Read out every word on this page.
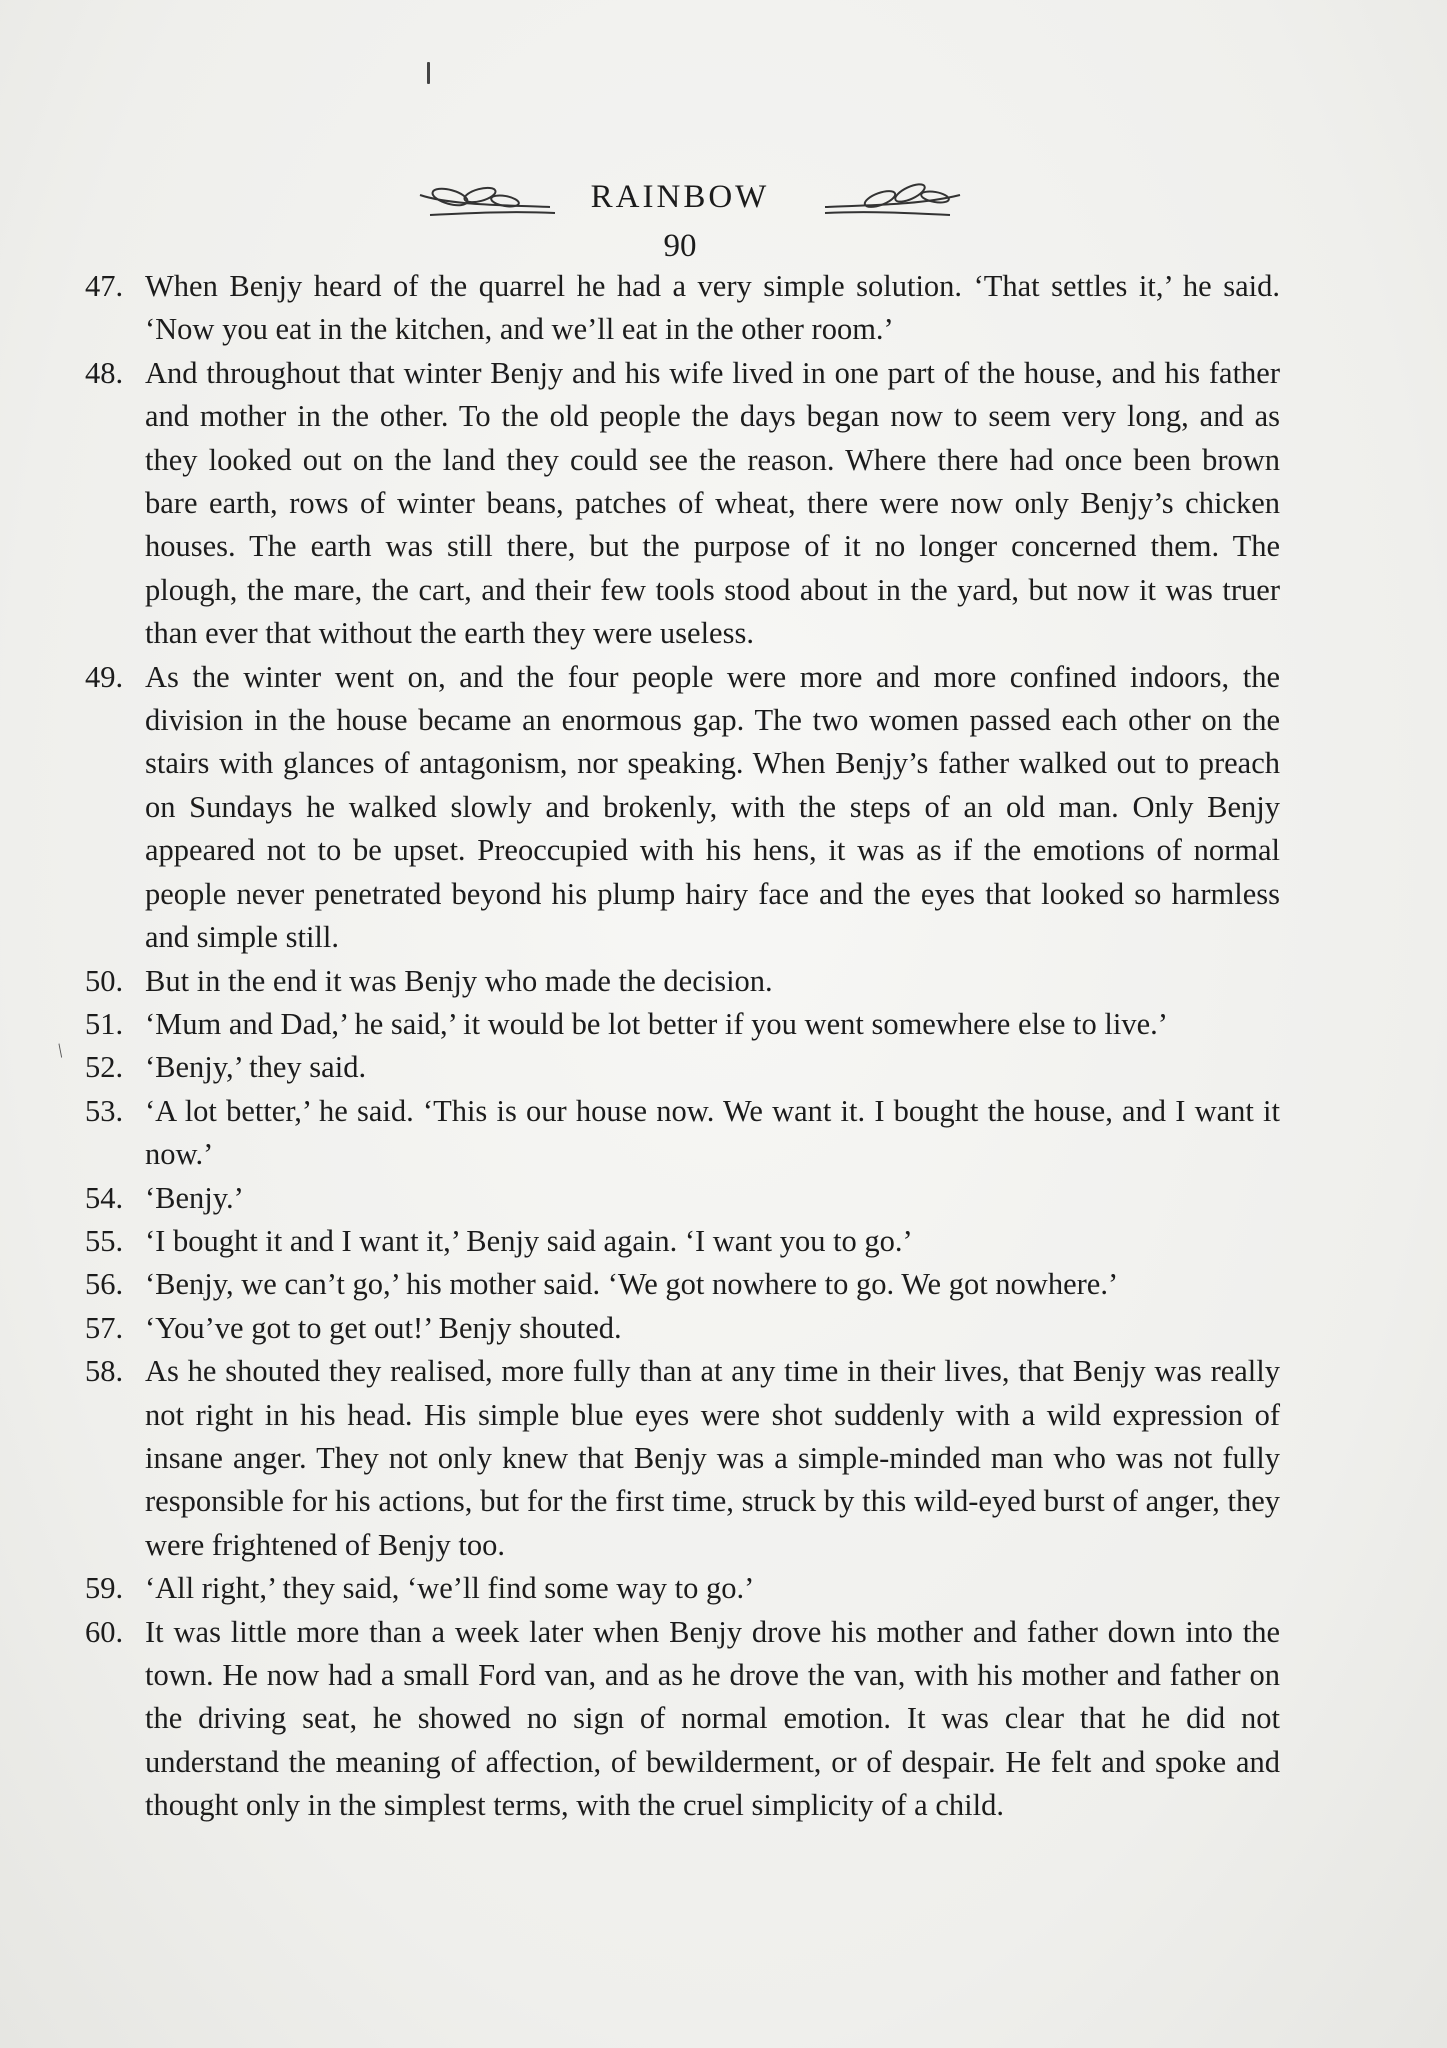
/
RAINBOW
90
47. When Benjy heard of the quarrel he had a very simple solution. ‘That settles it,’ he said. ‘Now you eat in the kitchen, and we’ll eat in the other room.’
48. And throughout that winter Benjy and his wife lived in one part of the house, and his father and mother in the other. To the old people the days began now to seem very long, and as they looked out on the land they could see the reason. Where there had once been brown bare earth, rows of winter beans, patches of wheat, there were now only Benjy’s chicken houses. The earth was still there, but the purpose of it no longer concerned them. The plough, the mare, the cart, and their few tools stood about in the yard, but now it was truer than ever that without the earth they were useless.
49. As the winter went on, and the four people were more and more confined indoors, the division in the house became an enormous gap. The two women passed each other on the stairs with glances of antagonism, nor speaking. When Benjy’s father walked out to preach on Sundays he walked slowly and brokenly, with the steps of an old man. Only Benjy appeared not to be upset. Preoccupied with his hens, it was as if the emotions of normal people never penetrated beyond his plump hairy face and the eyes that looked so harmless and simple still.
50. But in the end it was Benjy who made the decision.
51. ‘Mum and Dad,’ he said,’ it would be lot better if you went somewhere else to live.’
52. ‘Benjy,’ they said.
53. ‘A lot better,’ he said. ‘This is our house now. We want it. I bought the house, and I want it now.’
54. ‘Benjy.’
55. ‘I bought it and I want it,’ Benjy said again. ‘I want you to go.’
56. ‘Benjy, we can’t go,’ his mother said. ‘We got nowhere to go. We got nowhere.’
57. ‘You’ve got to get out!’ Benjy shouted.
58. As he shouted they realised, more fully than at any time in their lives, that Benjy was really not right in his head. His simple blue eyes were shot suddenly with a wild expression of insane anger. They not only knew that Benjy was a simple-minded man who was not fully responsible for his actions, but for the first time, struck by this wild-eyed burst of anger, they were frightened of Benjy too.
59. ‘All right,’ they said, ‘we’ll find some way to go.’
60. It was little more than a week later when Benjy drove his mother and father down into the town. He now had a small Ford van, and as he drove the van, with his mother and father on the driving seat, he showed no sign of normal emotion. It was clear that he did not understand the meaning of affection, of bewilderment, or of despair. He felt and spoke and thought only in the simplest terms, with the cruel simplicity of a child.
